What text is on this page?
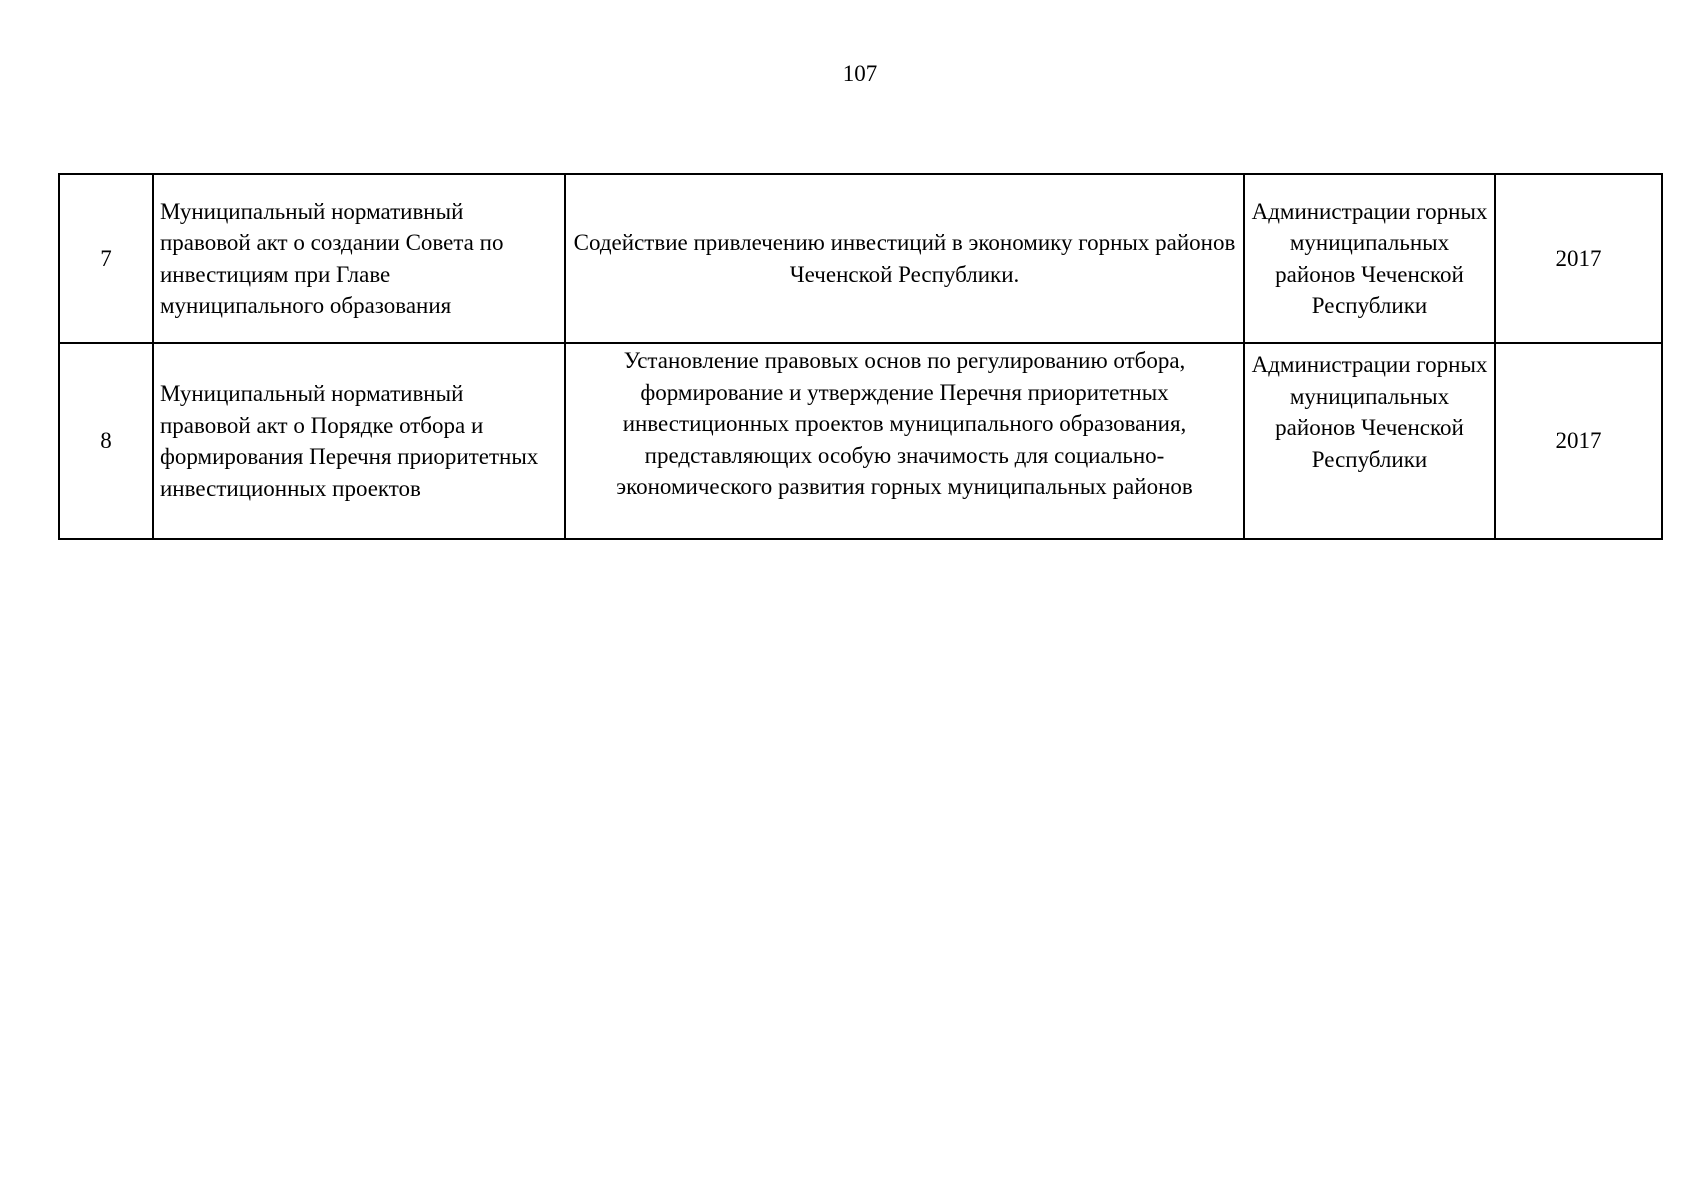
107
7	Муниципальный нормативный правовой акт о создании Совета по инвестициям при Главе муниципального образования	Содействие привлечению инвестиций в экономику горных районов Чеченской Республики.	Администрации горных муниципальных районов Чеченской Республики	2017
8	Муниципальный нормативный правовой акт о Порядке отбора и формирования Перечня приоритетных инвестиционных проектов	Установление правовых основ по регулированию отбора, формирование и утверждение Перечня приоритетных инвестиционных проектов муниципального образования, представляющих особую значимость для социально-экономического развития горных муниципальных районов	Администрации горных муниципальных районов Чеченской Республики	2017
